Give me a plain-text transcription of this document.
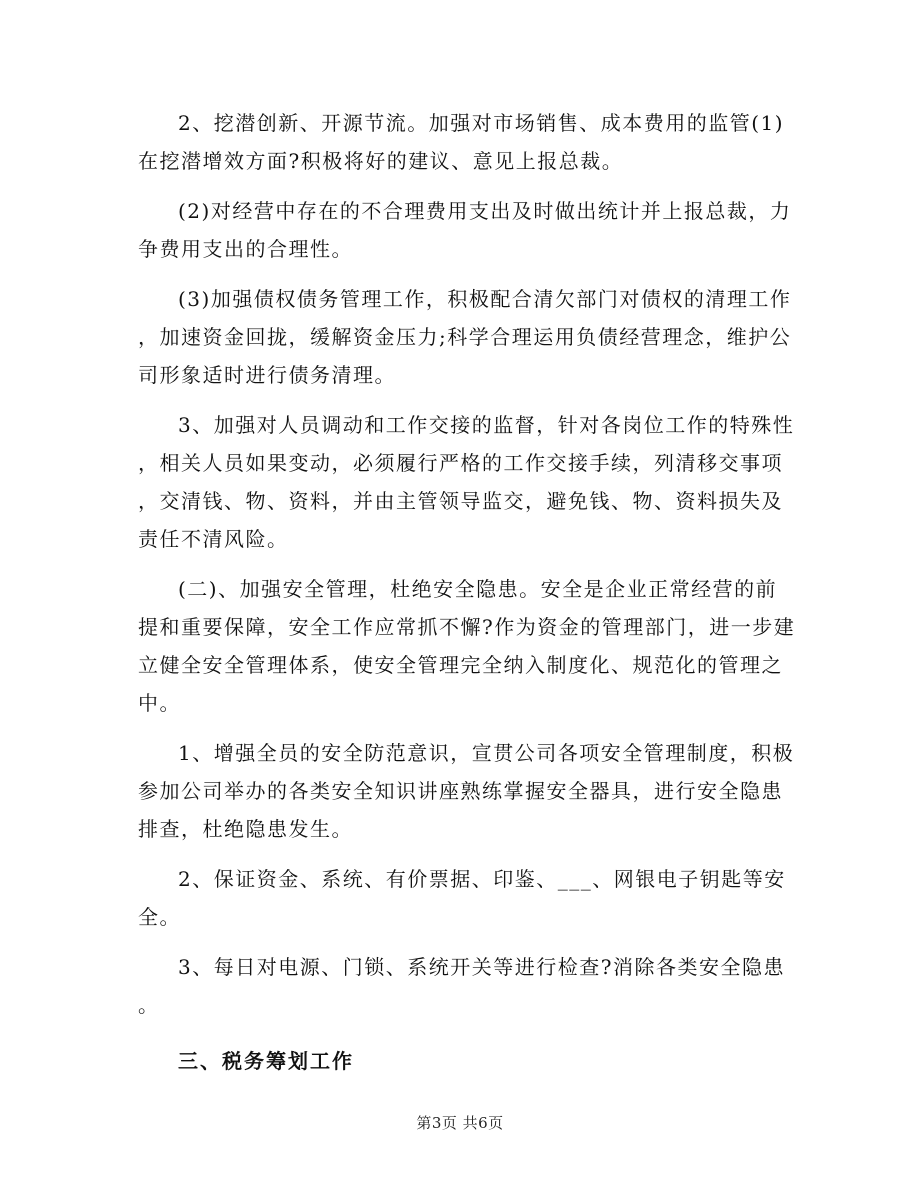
2、挖潜创新、开源节流。加强对市场销售、成本费用的监管(1)
在挖潜增效方面?积极将好的建议、意见上报总裁。

(2)对经营中存在的不合理费用支出及时做出统计并上报总裁，力
争费用支出的合理性。

(3)加强债权债务管理工作，积极配合清欠部门对债权的清理工作
，加速资金回拢，缓解资金压力;科学合理运用负债经营理念，维护公
司形象适时进行债务清理。

3、加强对人员调动和工作交接的监督，针对各岗位工作的特殊性
，相关人员如果变动，必须履行严格的工作交接手续，列清移交事项
，交清钱、物、资料，并由主管领导监交，避免钱、物、资料损失及
责任不清风险。

(二)、加强安全管理，杜绝安全隐患。安全是企业正常经营的前
提和重要保障，安全工作应常抓不懈?作为资金的管理部门，进一步建
立健全安全管理体系，使安全管理完全纳入制度化、规范化的管理之
中。

1、增强全员的安全防范意识，宣贯公司各项安全管理制度，积极
参加公司举办的各类安全知识讲座熟练掌握安全器具，进行安全隐患
排查，杜绝隐患发生。

2、保证资金、系统、有价票据、印鉴、___、网银电子钥匙等安
全。

3、每日对电源、门锁、系统开关等进行检查?消除各类安全隐患
。

三、税务筹划工作
第3页 共6页
